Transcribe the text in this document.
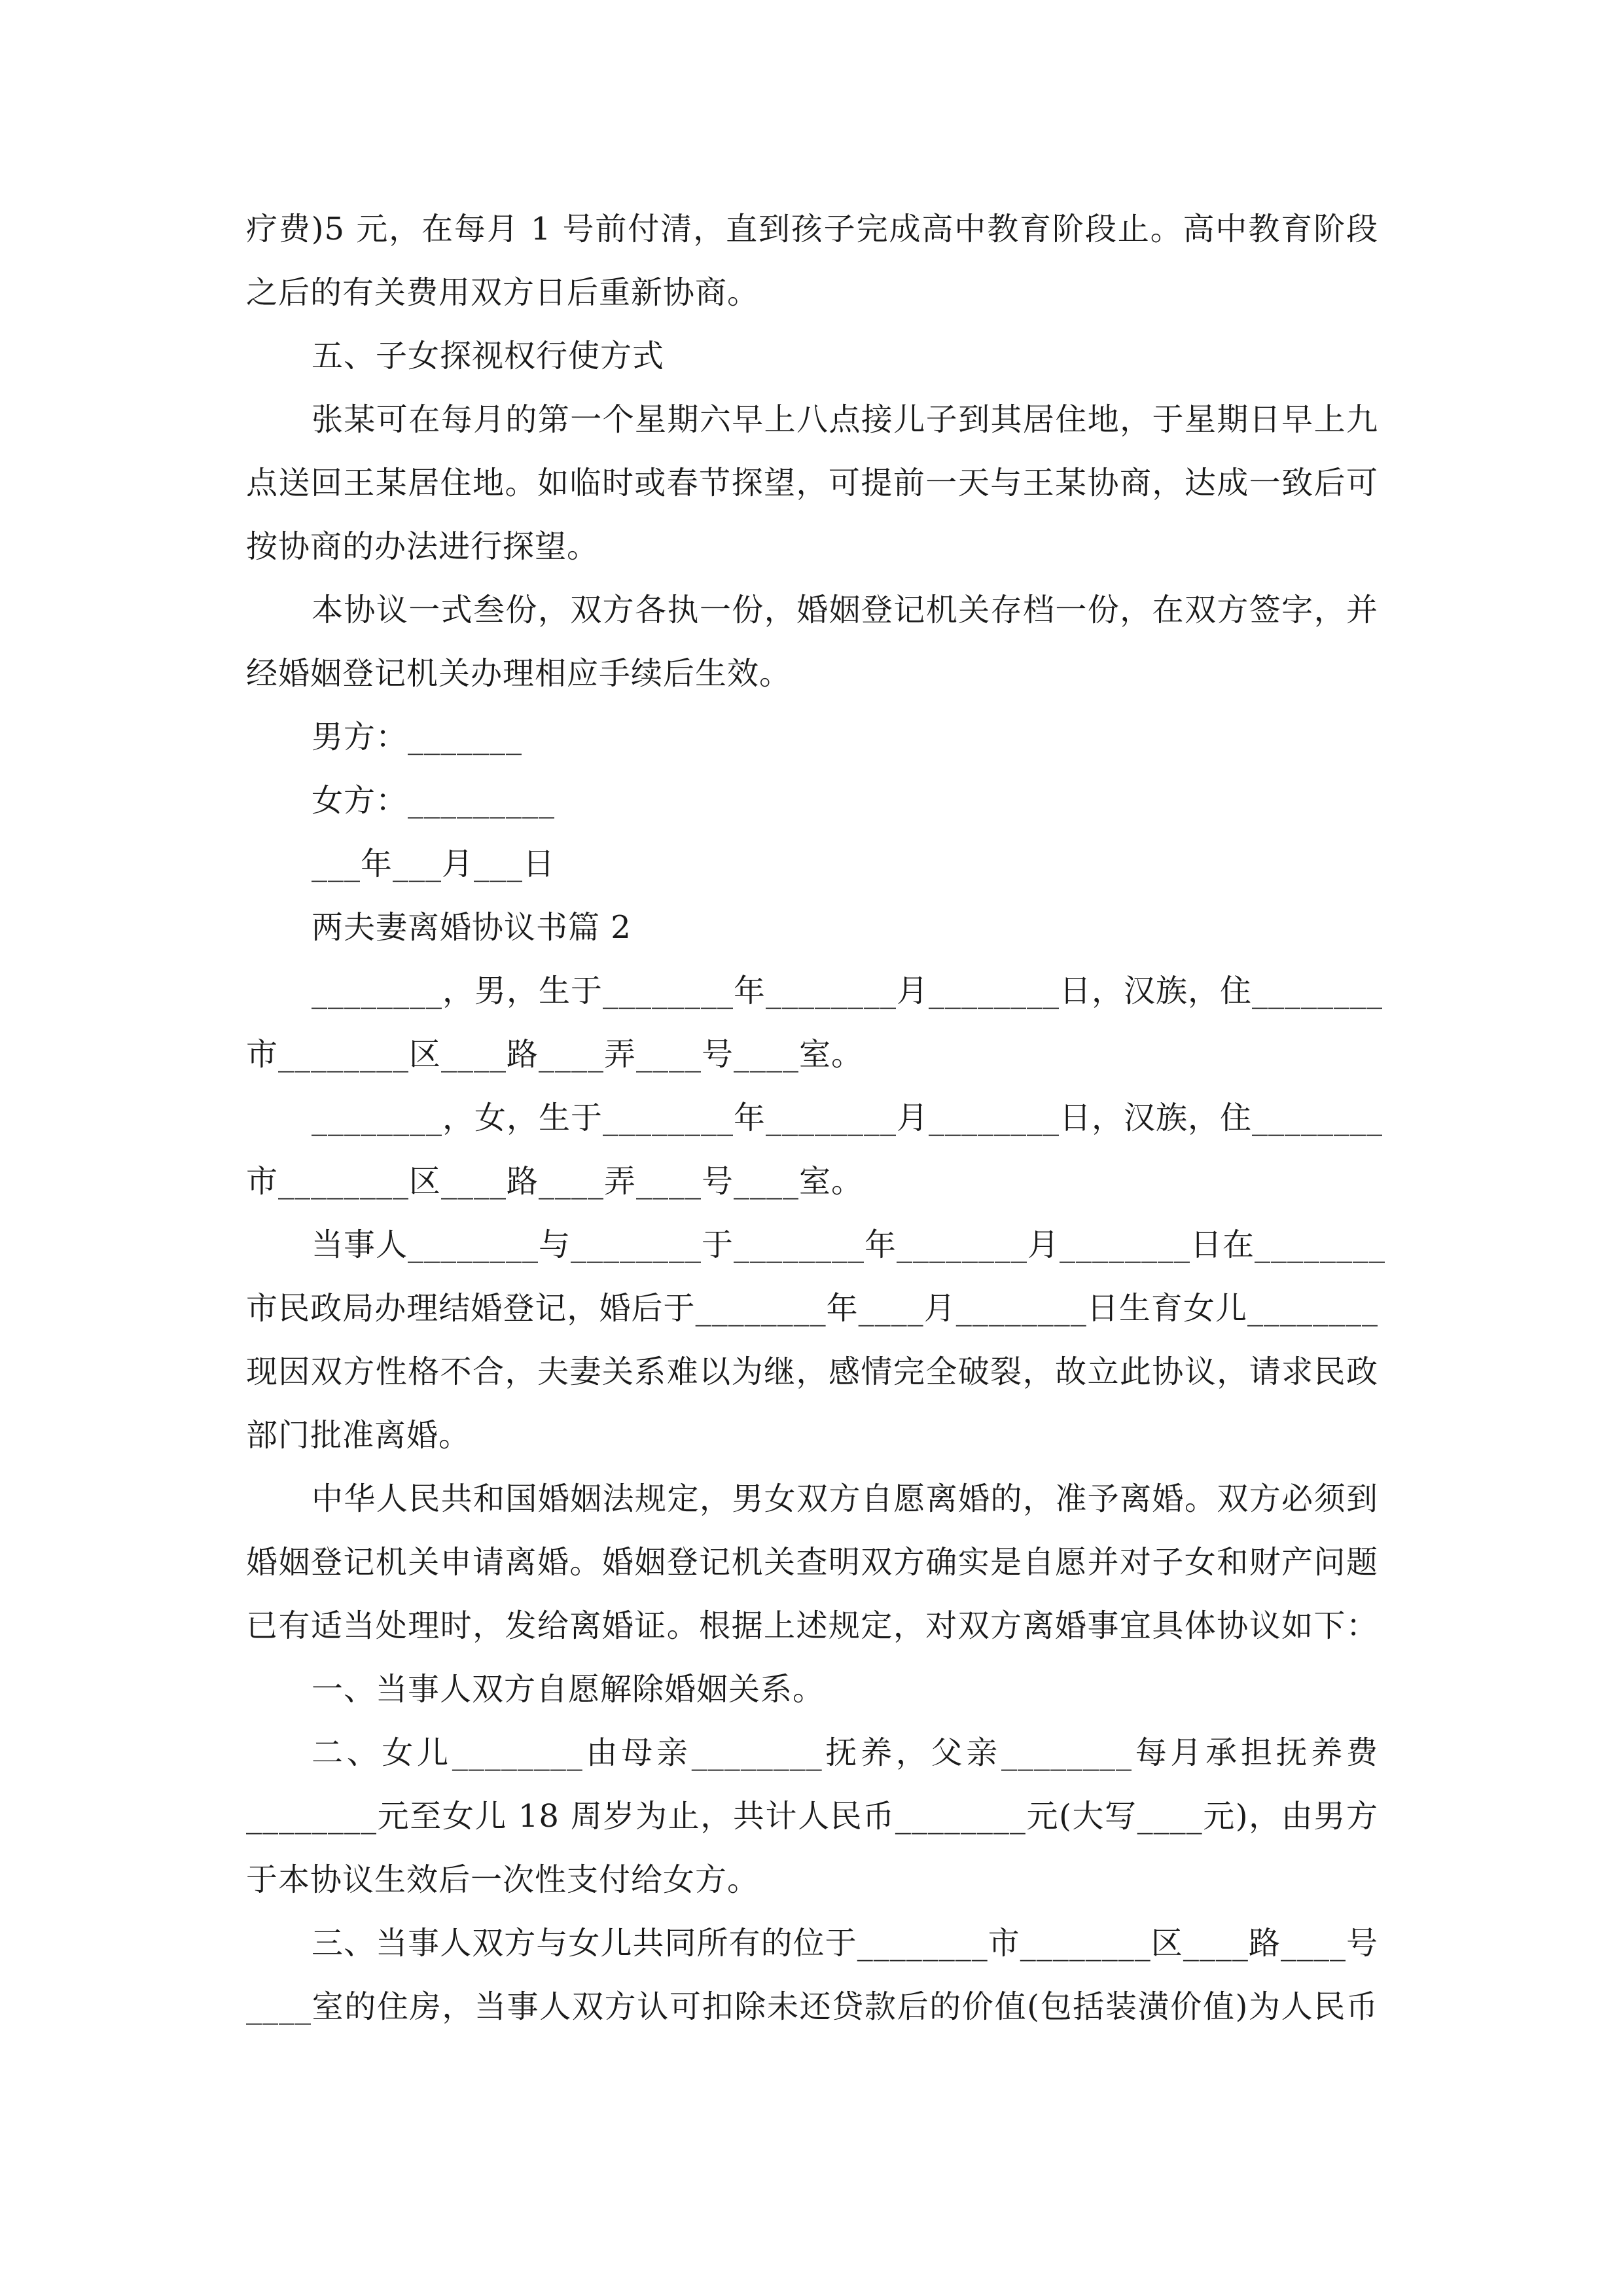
疗费)5 元，在每月 1 号前付清，直到孩子完成高中教育阶段止。高中教育阶段
之后的有关费用双方日后重新协商。
五、子女探视权行使方式
张某可在每月的第一个星期六早上八点接儿子到其居住地，于星期日早上九
点送回王某居住地。如临时或春节探望，可提前一天与王某协商，达成一致后可
按协商的办法进行探望。
本协议一式叁份，双方各执一份，婚姻登记机关存档一份，在双方签字，并
经婚姻登记机关办理相应手续后生效。
男方：_______
女方：_________
___年___月___日
两夫妻离婚协议书篇 2
________，男，生于________年________月________日，汉族，住________
市________区____路____弄____号____室。
________，女，生于________年________月________日，汉族，住________
市________区____路____弄____号____室。
当事人________与________于________年________月________日在________
市民政局办理结婚登记，婚后于________年____月________日生育女儿________
现因双方性格不合，夫妻关系难以为继，感情完全破裂，故立此协议，请求民政
部门批准离婚。
中华人民共和国婚姻法规定，男女双方自愿离婚的，准予离婚。双方必须到
婚姻登记机关申请离婚。婚姻登记机关查明双方确实是自愿并对子女和财产问题
已有适当处理时，发给离婚证。根据上述规定，对双方离婚事宜具体协议如下：
一、当事人双方自愿解除婚姻关系。
二、女儿________由母亲________抚养，父亲________每月承担抚养费
________元至女儿 18 周岁为止，共计人民币________元(大写____元)，由男方
于本协议生效后一次性支付给女方。
三、当事人双方与女儿共同所有的位于________市________区____路____号
____室的住房，当事人双方认可扣除未还贷款后的价值(包括装潢价值)为人民币
